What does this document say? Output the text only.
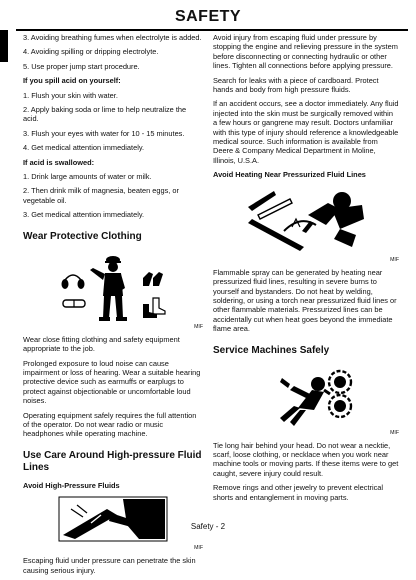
SAFETY
3. Avoiding breathing fumes when electrolyte is added.
4. Avoiding spilling or dripping electrolyte.
5. Use proper jump start procedure.
If you spill acid on yourself:
1. Flush your skin with water.
2. Apply baking soda or lime to help neutralize the acid.
3. Flush your eyes with water for 10 - 15 minutes.
4. Get medical attention immediately.
If acid is swallowed:
1. Drink large amounts of water or milk.
2. Then drink milk of magnesia, beaten eggs, or vegetable oil.
3. Get medical attention immediately.
Wear Protective Clothing
MIF
Wear close fitting clothing and safety equipment appropriate to the job.
Prolonged exposure to loud noise can cause impairment or loss of hearing. Wear a suitable hearing protective device such as earmuffs or earplugs to protect against objectionable or uncomfortable loud noises.
Operating equipment safely requires the full attention of the operator. Do not wear radio or music headphones while operating machine.
Use Care Around High-pressure Fluid Lines
Avoid High-Pressure Fluids
MIF
Escaping fluid under pressure can penetrate the skin causing serious injury.
Avoid injury from escaping fluid under pressure by stopping the engine and relieving pressure in the system before disconnecting or connecting hydraulic or other lines. Tighten all connections before applying pressure.
Search for leaks with a piece of cardboard. Protect hands and body from high pressure fluids.
If an accident occurs, see a doctor immediately. Any fluid injected into the skin must be surgically removed within a few hours or gangrene may result. Doctors unfamiliar with this type of injury should reference a knowledgeable medical source. Such information is available from Deere & Company Medical Department in Moline, Illinois, U.S.A.
Avoid Heating Near Pressurized Fluid Lines
MIF
Flammable spray can be generated by heating near pressurized fluid lines, resulting in severe burns to yourself and bystanders. Do not heat by welding, soldering, or using a torch near pressurized fluid lines or other flammable materials. Pressurized lines can be accidentally cut when heat goes beyond the immediate flame area.
Service Machines Safely
MIF
Tie long hair behind your head. Do not wear a necktie, scarf, loose clothing, or necklace when you work near machine tools or moving parts. If these items were to get caught, severe injury could result.
Remove rings and other jewelry to prevent electrical shorts and entanglement in moving parts.
Safety - 2
